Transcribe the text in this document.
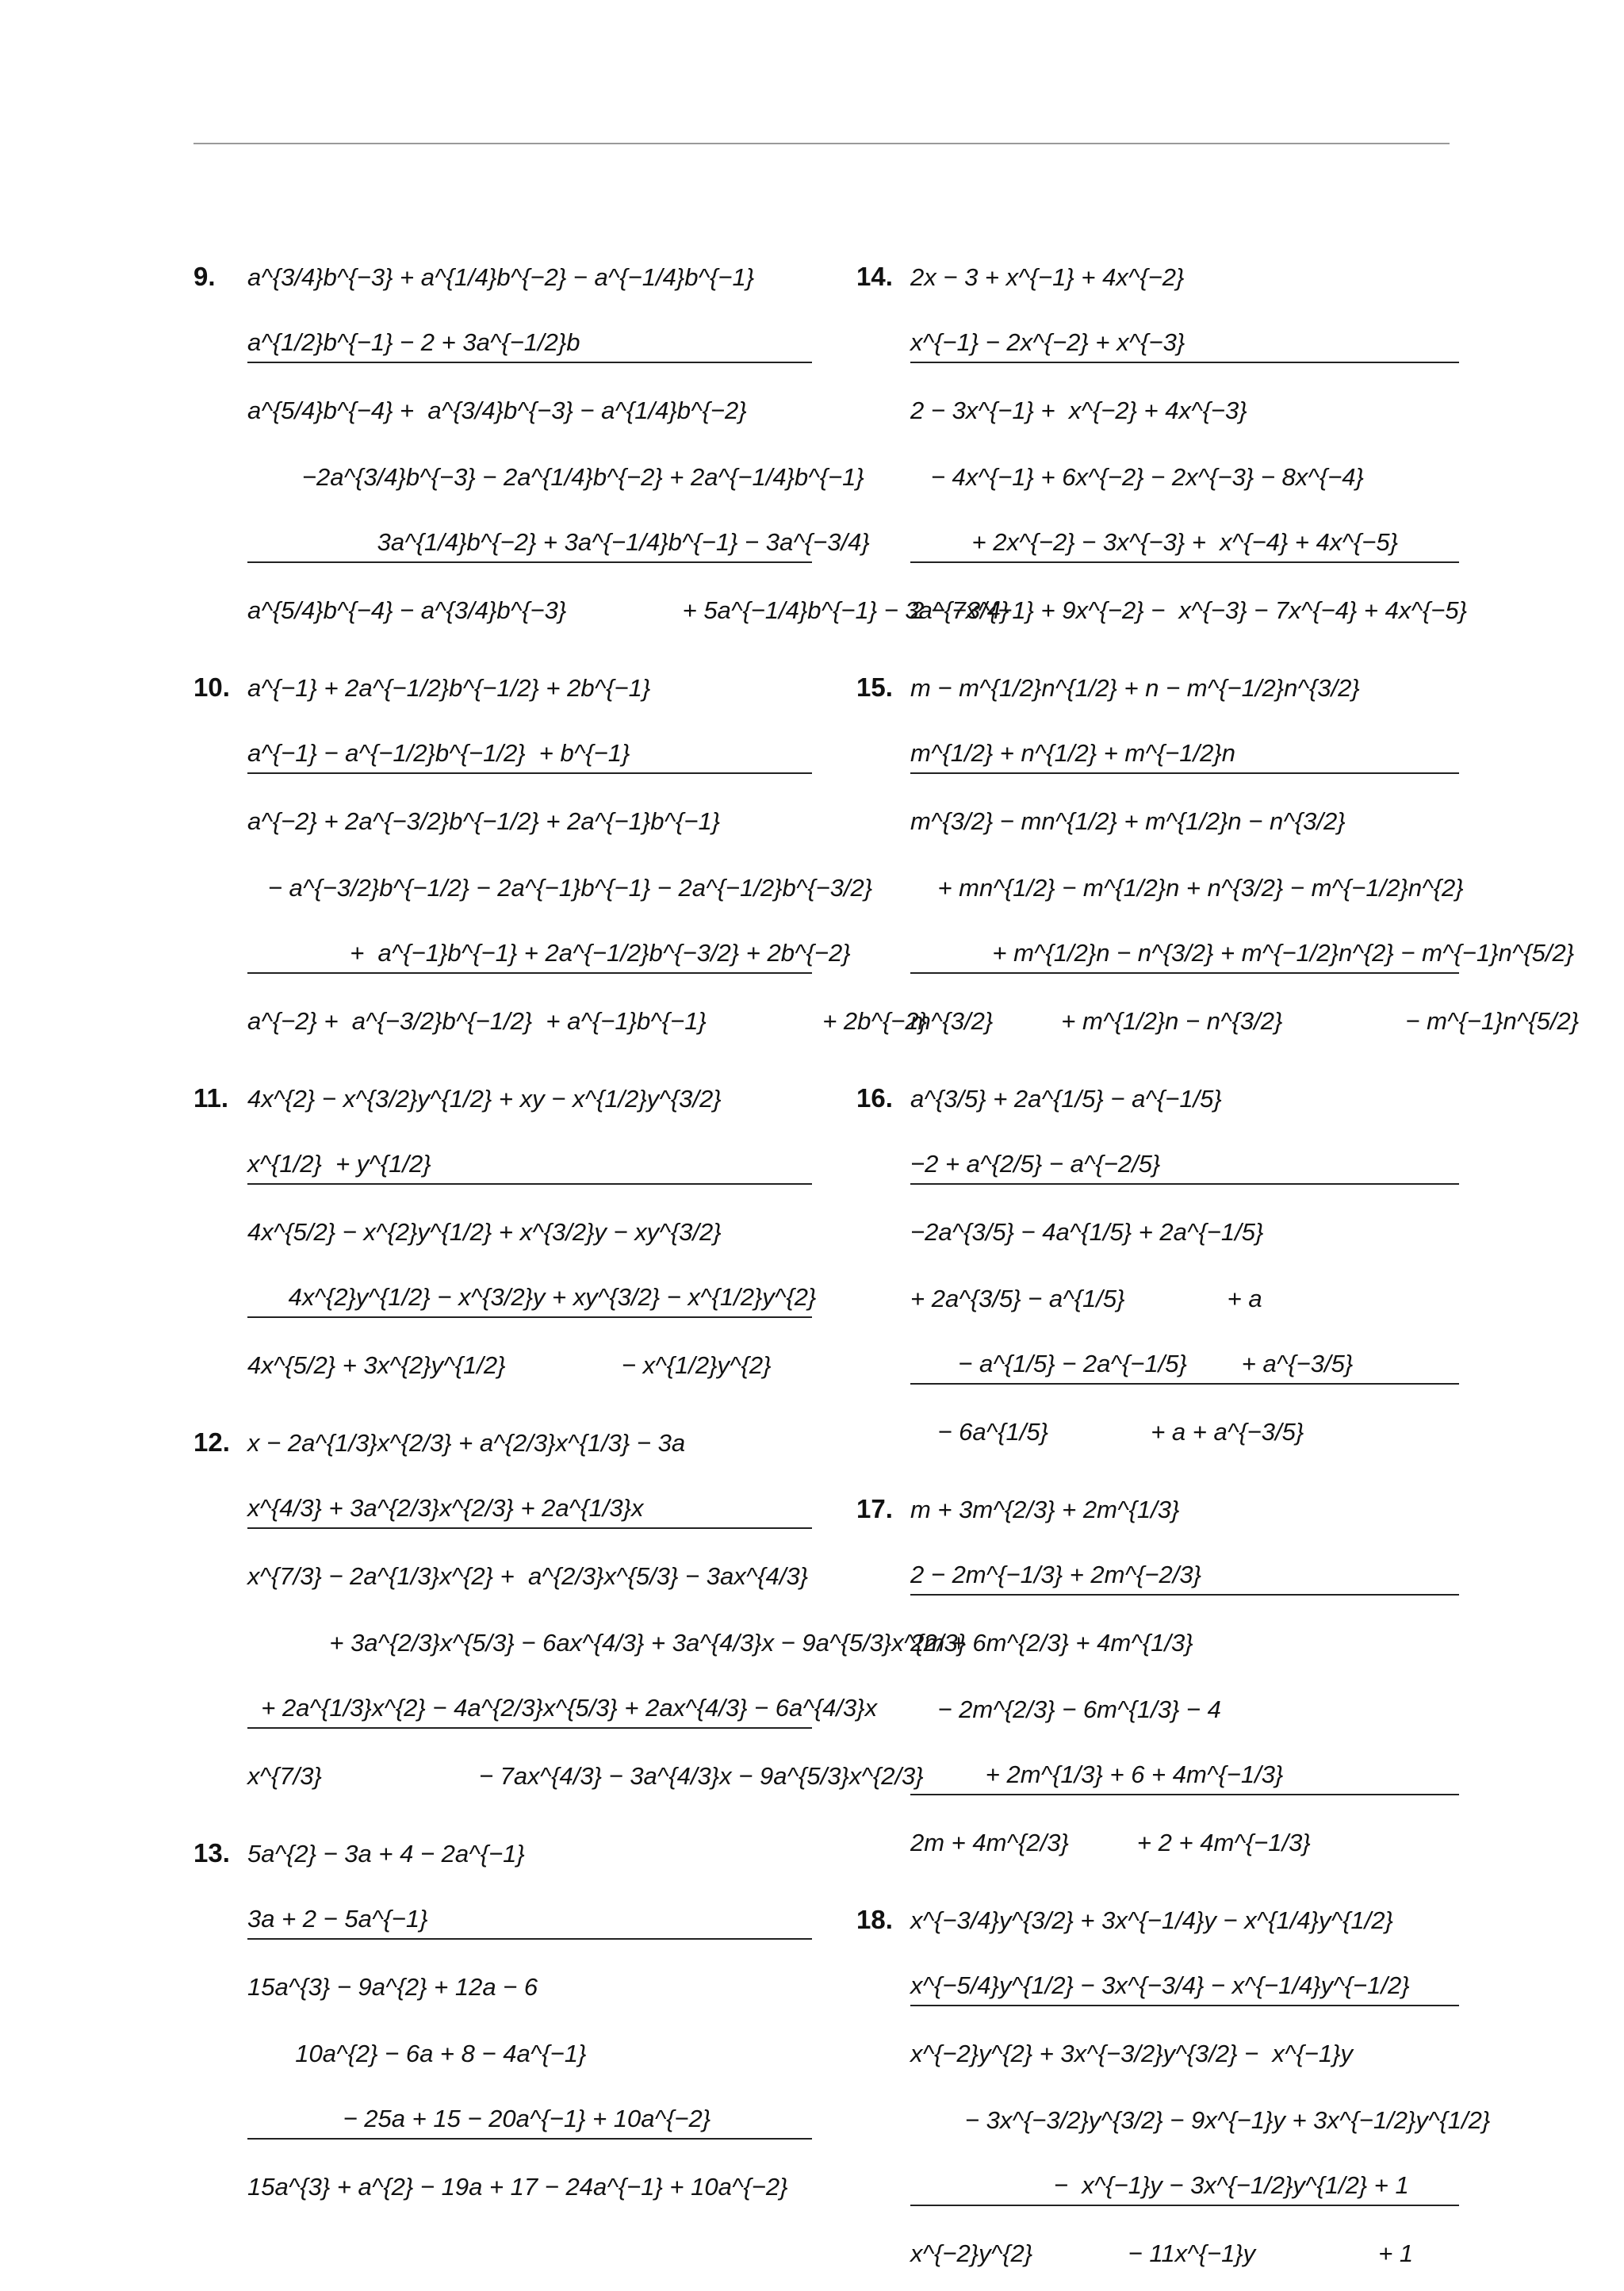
9. a^{3/4}b^{−3} + a^{1/4}b^{−2} − a^{−1/4}b^{−1}
a^{1/2}b^{−1} − 2 + 3a^{−1/2}b
a^{5/4}b^{−4} +  a^{3/4}b^{−3} − a^{1/4}b^{−2}
−2a^{3/4}b^{−3} − 2a^{1/4}b^{−2} + 2a^{−1/4}b^{−1}
3a^{1/4}b^{−2} + 3a^{−1/4}b^{−1} − 3a^{−3/4}
a^{5/4}b^{−4} − a^{3/4}b^{−3}                 + 5a^{−1/4}b^{−1} − 3a^{−3/4}
10. a^{−1} + 2a^{−1/2}b^{−1/2} + 2b^{−1}
a^{−1} − a^{−1/2}b^{−1/2}  + b^{−1}
a^{−2} + 2a^{−3/2}b^{−1/2} + 2a^{−1}b^{−1}
− a^{−3/2}b^{−1/2} − 2a^{−1}b^{−1} − 2a^{−1/2}b^{−3/2}
+  a^{−1}b^{−1} + 2a^{−1/2}b^{−3/2} + 2b^{−2}
a^{−2} +  a^{−3/2}b^{−1/2}  + a^{−1}b^{−1}                 + 2b^{−2}
11. 4x^{2} − x^{3/2}y^{1/2} + xy − x^{1/2}y^{3/2}
x^{1/2}  + y^{1/2}
4x^{5/2} − x^{2}y^{1/2} + x^{3/2}y − xy^{3/2}
4x^{2}y^{1/2} − x^{3/2}y + xy^{3/2} − x^{1/2}y^{2}
4x^{5/2} + 3x^{2}y^{1/2}                 − x^{1/2}y^{2}
12. x − 2a^{1/3}x^{2/3} + a^{2/3}x^{1/3} − 3a
x^{4/3} + 3a^{2/3}x^{2/3} + 2a^{1/3}x
x^{7/3} − 2a^{1/3}x^{2} +  a^{2/3}x^{5/3} − 3ax^{4/3}
+ 3a^{2/3}x^{5/3} − 6ax^{4/3} + 3a^{4/3}x − 9a^{5/3}x^{2/3}
+ 2a^{1/3}x^{2} − 4a^{2/3}x^{5/3} + 2ax^{4/3} − 6a^{4/3}x
x^{7/3}                       − 7ax^{4/3} − 3a^{4/3}x − 9a^{5/3}x^{2/3}
13. 5a^{2} − 3a + 4 − 2a^{−1}
3a + 2 − 5a^{−1}
15a^{3} − 9a^{2} + 12a − 6
10a^{2} − 6a + 8 − 4a^{−1}
− 25a + 15 − 20a^{−1} + 10a^{−2}
15a^{3} + a^{2} − 19a + 17 − 24a^{−1} + 10a^{−2}
14. 2x − 3 + x^{−1} + 4x^{−2}
x^{−1} − 2x^{−2} + x^{−3}
2 − 3x^{−1} +  x^{−2} + 4x^{−3}
− 4x^{−1} + 6x^{−2} − 2x^{−3} − 8x^{−4}
+ 2x^{−2} − 3x^{−3} +  x^{−4} + 4x^{−5}
2 − 7x^{−1} + 9x^{−2} −  x^{−3} − 7x^{−4} + 4x^{−5}
15. m − m^{1/2}n^{1/2} + n − m^{−1/2}n^{3/2}
m^{1/2} + n^{1/2} + m^{−1/2}n
m^{3/2} − mn^{1/2} + m^{1/2}n − n^{3/2}
+ mn^{1/2} − m^{1/2}n + n^{3/2} − m^{−1/2}n^{2}
+ m^{1/2}n − n^{3/2} + m^{−1/2}n^{2} − m^{−1}n^{5/2}
m^{3/2}          + m^{1/2}n − n^{3/2}                  − m^{−1}n^{5/2}
16. a^{3/5} + 2a^{1/5} − a^{−1/5}
−2 + a^{2/5} − a^{−2/5}
−2a^{3/5} − 4a^{1/5} + 2a^{−1/5}
+ 2a^{3/5} − a^{1/5}               + a
− a^{1/5} − 2a^{−1/5}        + a^{−3/5}
− 6a^{1/5}               + a + a^{−3/5}
17. m + 3m^{2/3} + 2m^{1/3}
2 − 2m^{−1/3} + 2m^{−2/3}
2m + 6m^{2/3} + 4m^{1/3}
− 2m^{2/3} − 6m^{1/3} − 4
+ 2m^{1/3} + 6 + 4m^{−1/3}
2m + 4m^{2/3}          + 2 + 4m^{−1/3}
18. x^{−3/4}y^{3/2} + 3x^{−1/4}y − x^{1/4}y^{1/2}
x^{−5/4}y^{1/2} − 3x^{−3/4} − x^{−1/4}y^{−1/2}
x^{−2}y^{2} + 3x^{−3/2}y^{3/2} −  x^{−1}y
− 3x^{−3/2}y^{3/2} − 9x^{−1}y + 3x^{−1/2}y^{1/2}
−  x^{−1}y − 3x^{−1/2}y^{1/2} + 1
x^{−2}y^{2}              − 11x^{−1}y                  + 1
